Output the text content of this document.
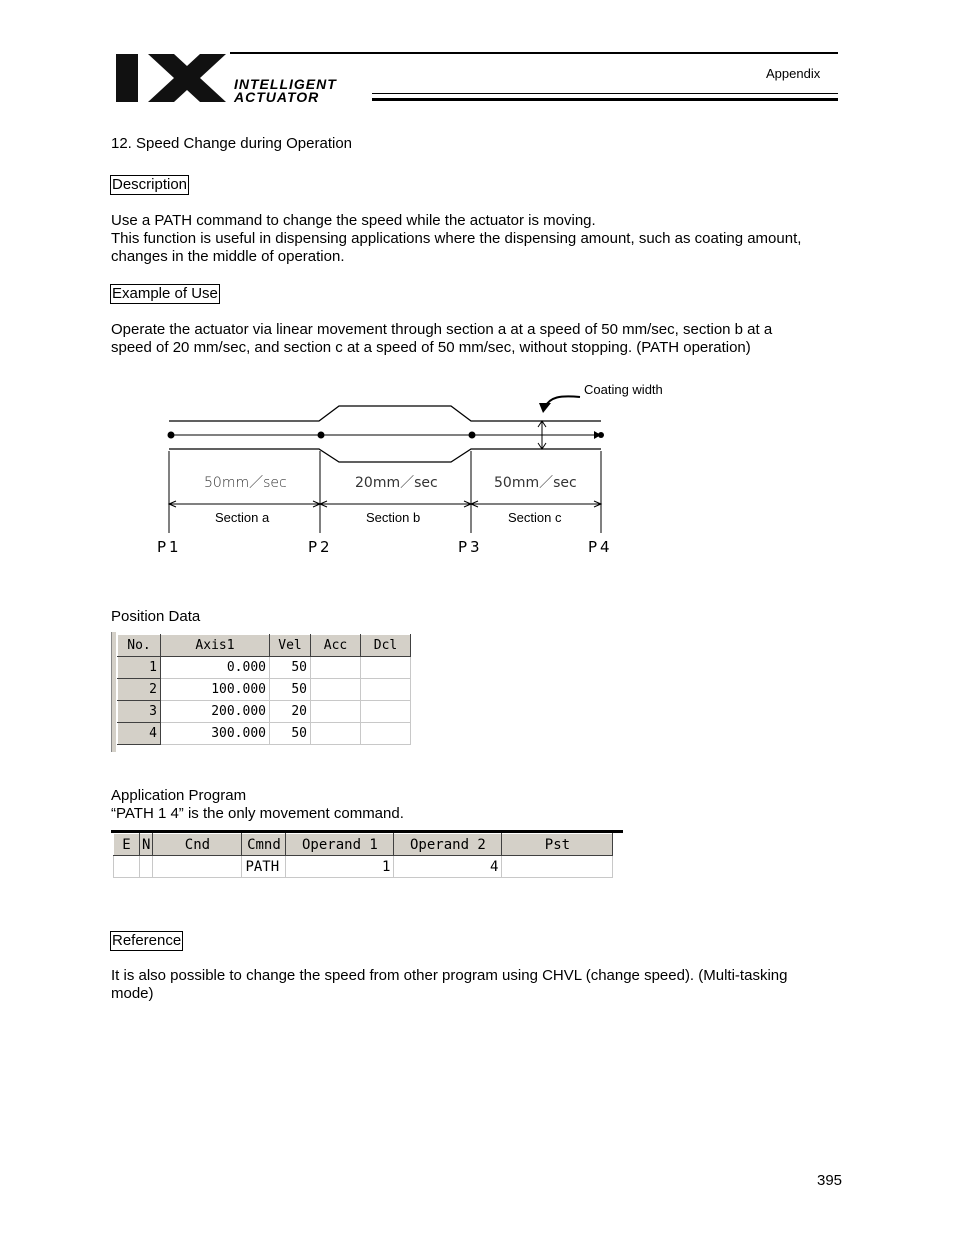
INTELLIGENT
ACTUATOR
Appendix
12. Speed Change during Operation
Description
Use a PATH command to change the speed while the actuator is moving.
This function is useful in dispensing applications where the dispensing amount, such as coating amount,
changes in the middle of operation.
Example of Use
Operate the actuator via linear movement through section a at a speed of 50 mm/sec, section b at a
speed of 20 mm/sec, and section c at a speed of 50 mm/sec, without stopping. (PATH operation)
Coating width
50mm／sec	20mm／sec	50mm／sec
Section a	Section b	Section c
P1	P2	P3	P4
Position Data
No.	Axis1	Vel	Acc	Dcl
1	0.000	50		
2	100.000	50		
3	200.000	20		
4	300.000	50		
Application Program
“PATH 1 4” is the only movement command.
E	N	Cnd	Cmnd	Operand 1	Operand 2	Pst
			PATH	1	4	
Reference
It is also possible to change the speed from other program using CHVL (change speed). (Multi-tasking
mode)
395
